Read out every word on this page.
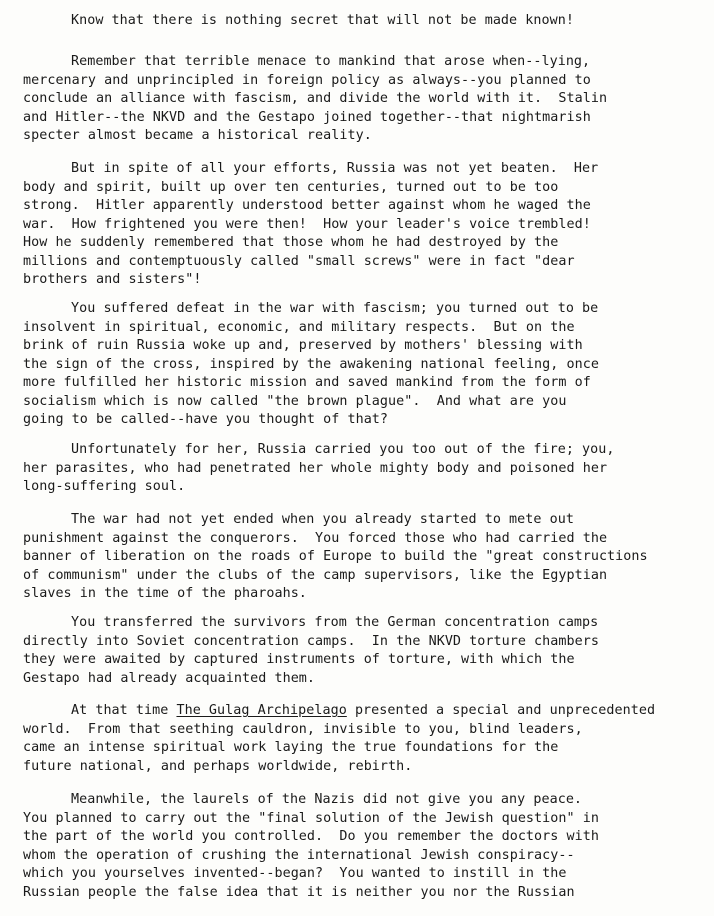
Know that there is nothing secret that will not be made known!

Remember that terrible menace to mankind that arose when--lying,
mercenary and unprincipled in foreign policy as always--you planned to
conclude an alliance with fascism, and divide the world with it.  Stalin
and Hitler--the NKVD and the Gestapo joined together--that nightmarish
specter almost became a historical reality.

But in spite of all your efforts, Russia was not yet beaten.  Her
body and spirit, built up over ten centuries, turned out to be too
strong.  Hitler apparently understood better against whom he waged the
war.  How frightened you were then!  How your leader's voice trembled!
How he suddenly remembered that those whom he had destroyed by the
millions and contemptuously called "small screws" were in fact "dear
brothers and sisters"!

You suffered defeat in the war with fascism; you turned out to be
insolvent in spiritual, economic, and military respects.  But on the
brink of ruin Russia woke up and, preserved by mothers' blessing with
the sign of the cross, inspired by the awakening national feeling, once
more fulfilled her historic mission and saved mankind from the form of
socialism which is now called "the brown plague".  And what are you
going to be called--have you thought of that?

Unfortunately for her, Russia carried you too out of the fire; you,
her parasites, who had penetrated her whole mighty body and poisoned her
long-suffering soul.

The war had not yet ended when you already started to mete out
punishment against the conquerors.  You forced those who had carried the
banner of liberation on the roads of Europe to build the "great constructions
of communism" under the clubs of the camp supervisors, like the Egyptian
slaves in the time of the pharoahs.

You transferred the survivors from the German concentration camps
directly into Soviet concentration camps.  In the NKVD torture chambers
they were awaited by captured instruments of torture, with which the
Gestapo had already acquainted them.

At that time The Gulag Archipelago presented a special and unprecedented
world.  From that seething cauldron, invisible to you, blind leaders,
came an intense spiritual work laying the true foundations for the
future national, and perhaps worldwide, rebirth.

Meanwhile, the laurels of the Nazis did not give you any peace.
You planned to carry out the "final solution of the Jewish question" in
the part of the world you controlled.  Do you remember the doctors with
whom the operation of crushing the international Jewish conspiracy--
which you yourselves invented--began?  You wanted to instill in the
Russian people the false idea that it is neither you nor the Russian
